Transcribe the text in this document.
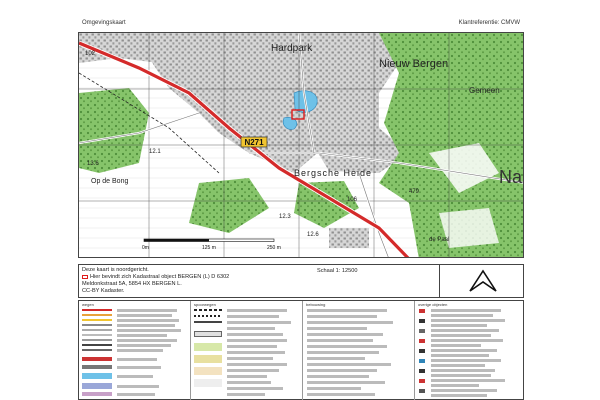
Omgevingskaart	Klantreferentie: CMVW
N271
Hardpark
Nieuw Bergen
Op de Bong
Bergsche Heide
Gemeen
Na
de Paal
102
12.1
13.6
12.3
12.6
106
479
0m	125 m	250 m
Deze kaart is noordgericht.
Hier bevindt zich Kadastraal object BERGEN (L) D 6302
Meldonkstraat 5A, 5854 HX BERGEN L.
CC-BY Kadaster.
Schaal 1: 12500
wegen	spoorwegen	bebouwing	overige objecten
